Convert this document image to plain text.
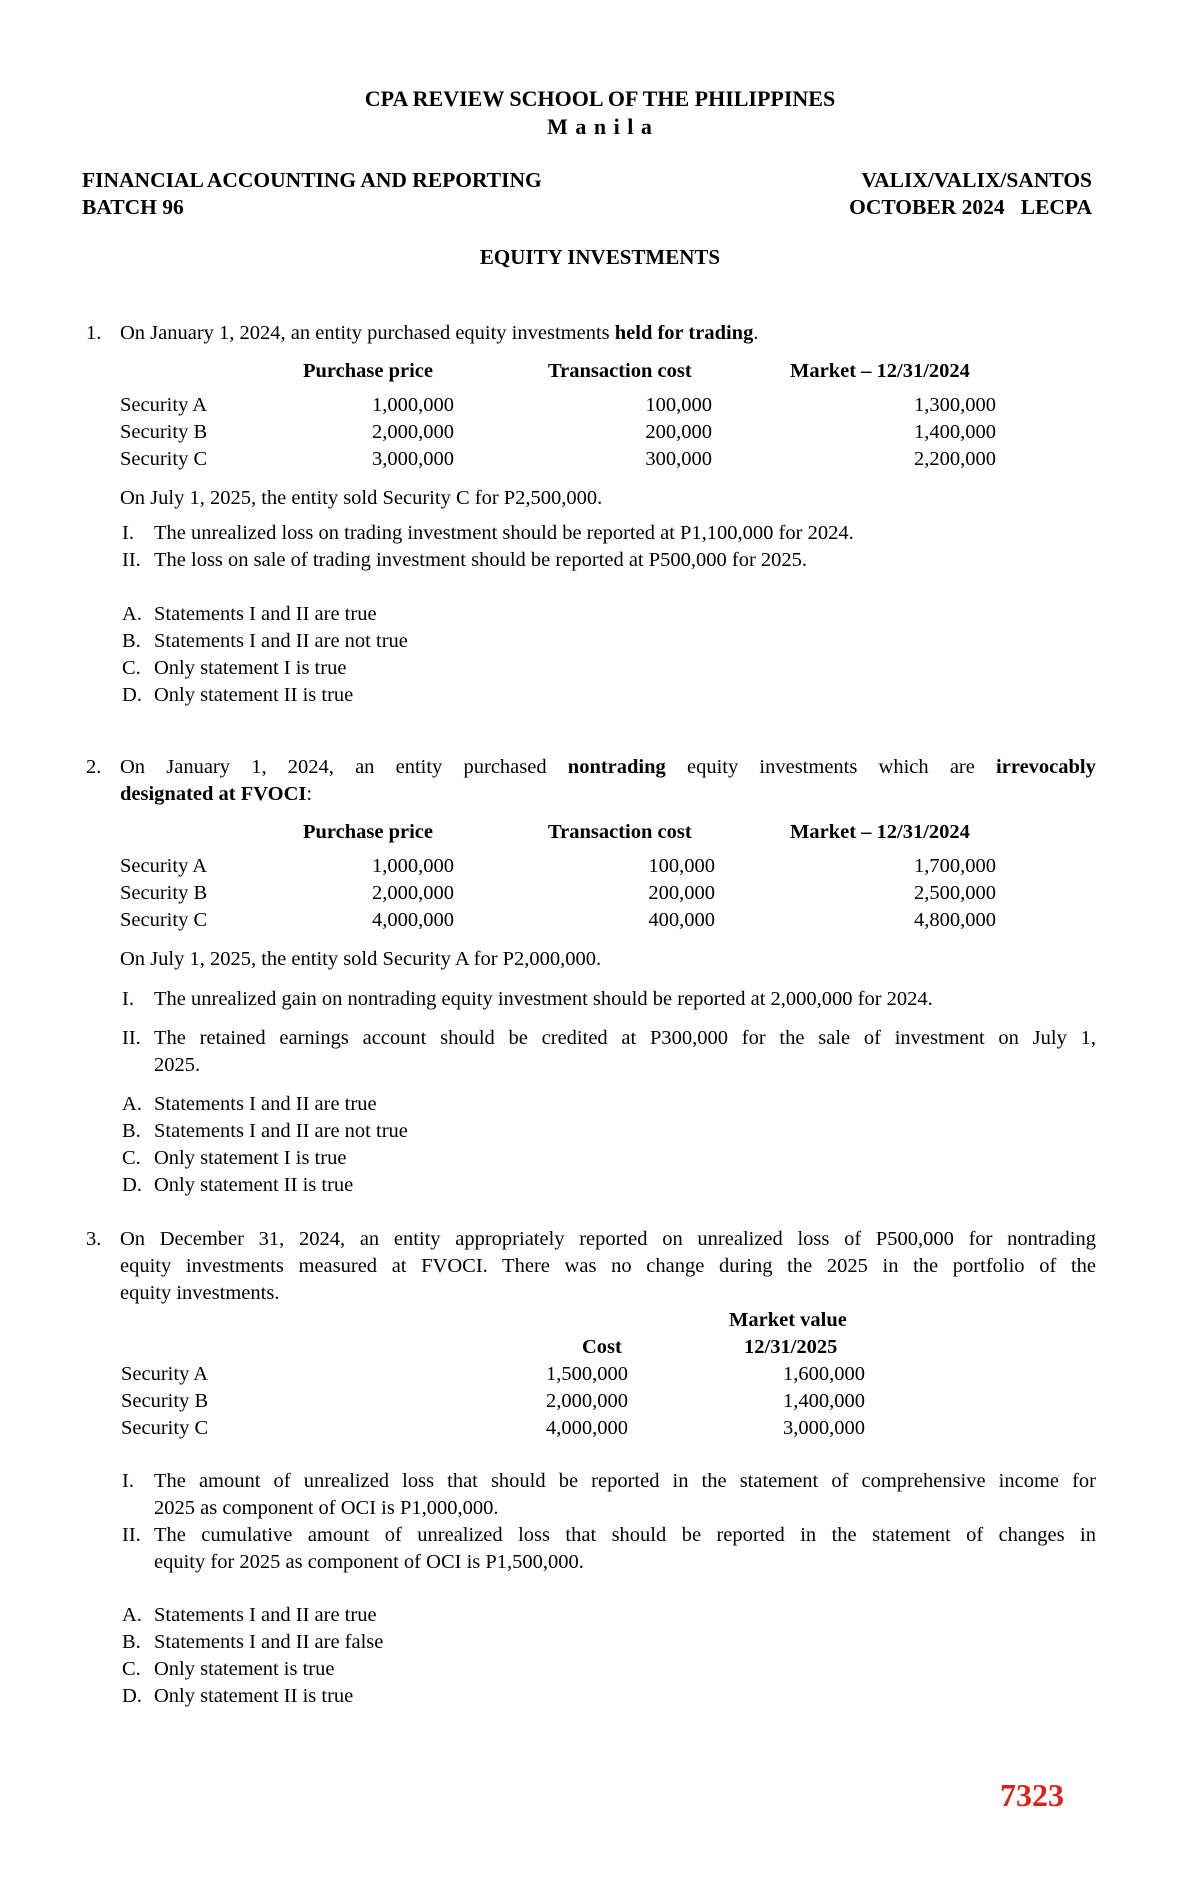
CPA REVIEW SCHOOL OF THE PHILIPPINES
M a n i l a
FINANCIAL ACCOUNTING AND REPORTING	VALIX/VALIX/SANTOS
BATCH 96	OCTOBER 2024   LECPA
EQUITY INVESTMENTS
1. On January 1, 2024, an entity purchased equity investments held for trading.
Purchase price	Transaction cost	Market – 12/31/2024
Security A	1,000,000	100,000	1,300,000
Security B	2,000,000	200,000	1,400,000
Security C	3,000,000	300,000	2,200,000
On July 1, 2025, the entity sold Security C for P2,500,000.
I. The unrealized loss on trading investment should be reported at P1,100,000 for 2024.
II. The loss on sale of trading investment should be reported at P500,000 for 2025.
A. Statements I and II are true
B. Statements I and II are not true
C. Only statement I is true
D. Only statement II is true
2. On January 1, 2024, an entity purchased nontrading equity investments which are irrevocably
designated at FVOCI:
Purchase price	Transaction cost	Market – 12/31/2024
Security A	1,000,000	100,000	1,700,000
Security B	2,000,000	200,000	2,500,000
Security C	4,000,000	400,000	4,800,000
On July 1, 2025, the entity sold Security A for P2,000,000.
I. The unrealized gain on nontrading equity investment should be reported at 2,000,000 for 2024.
II. The retained earnings account should be credited at P300,000 for the sale of investment on July 1,
2025.
A. Statements I and II are true
B. Statements I and II are not true
C. Only statement I is true
D. Only statement II is true
3. On December 31, 2024, an entity appropriately reported on unrealized loss of P500,000 for nontrading
equity investments measured at FVOCI. There was no change during the 2025 in the portfolio of the
equity investments.
Market value
Cost	12/31/2025
Security A	1,500,000	1,600,000
Security B	2,000,000	1,400,000
Security C	4,000,000	3,000,000
I. The amount of unrealized loss that should be reported in the statement of comprehensive income for
2025 as component of OCI is P1,000,000.
II. The cumulative amount of unrealized loss that should be reported in the statement of changes in
equity for 2025 as component of OCI is P1,500,000.
A. Statements I and II are true
B. Statements I and II are false
C. Only statement is true
D. Only statement II is true
7323
